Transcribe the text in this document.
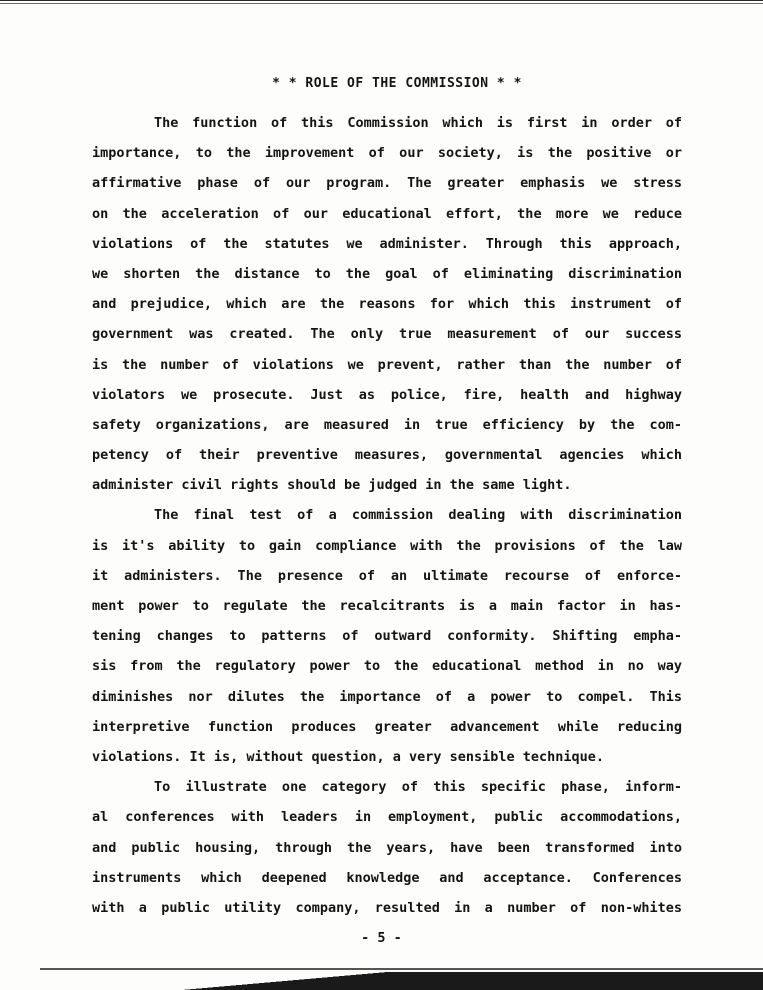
* * ROLE OF THE COMMISSION * *
The function of this Commission which is first in order of
importance, to the improvement of our society, is the positive or
affirmative phase of our program. The greater emphasis we stress
on the acceleration of our educational effort, the more we reduce
violations of the statutes we administer. Through this approach,
we shorten the distance to the goal of eliminating discrimination
and prejudice, which are the reasons for which this instrument of
government was created. The only true measurement of our success
is the number of violations we prevent, rather than the number of
violators we prosecute. Just as police, fire, health and highway
safety organizations, are measured in true efficiency by the com-
petency of their preventive measures, governmental agencies which
administer civil rights should be judged in the same light.
The final test of a commission dealing with discrimination
is it's ability to gain compliance with the provisions of the law
it administers. The presence of an ultimate recourse of enforce-
ment power to regulate the recalcitrants is a main factor in has-
tening changes to patterns of outward conformity. Shifting empha-
sis from the regulatory power to the educational method in no way
diminishes nor dilutes the importance of a power to compel. This
interpretive function produces greater advancement while reducing
violations. It is, without question, a very sensible technique.
To illustrate one category of this specific phase, inform-
al conferences with leaders in employment, public accommodations,
and public housing, through the years, have been transformed into
instruments which deepened knowledge and acceptance. Conferences
with a public utility company, resulted in a number of non-whites
- 5 -
